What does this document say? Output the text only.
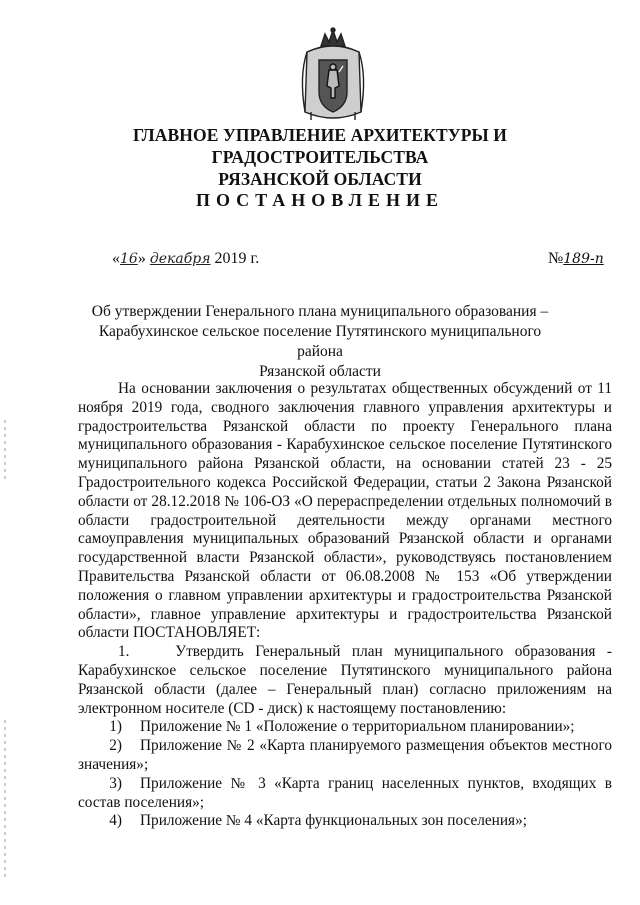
ГЛАВНОЕ УПРАВЛЕНИЕ АРХИТЕКТУРЫ И ГРАДОСТРОИТЕЛЬСТВА
РЯЗАНСКОЙ ОБЛАСТИ
ПОСТАНОВЛЕНИЕ
«16» декабря 2019 г.	№189-п
Об утверждении Генерального плана муниципального образования –
Карабухинское сельское поселение Путятинского муниципального района
Рязанской области

На основании заключения о результатах общественных обсуждений от 11 ноября 2019 года, сводного заключения главного управления архитектуры и градостроительства Рязанской области по проекту Генерального плана муниципального образования - Карабухинское сельское поселение Путятинского муниципального района Рязанской области, на основании статей 23 - 25 Градостроительного кодекса Российской Федерации, статьи 2 Закона Рязанской области от 28.12.2018 № 106-ОЗ «О перераспределении отдельных полномочий в области градостроительной деятельности между органами местного самоуправления муниципальных образований Рязанской области и органами государственной власти Рязанской области», руководствуясь постановлением Правительства Рязанской области от 06.08.2008 № 153 «Об утверждении положения о главном управлении архитектуры и градостроительства Рязанской области», главное управление архитектуры и градостроительства Рязанской области ПОСТАНОВЛЯЕТ:

1.	Утвердить Генеральный план муниципального образования - Карабухинское сельское поселение Путятинского муниципального района Рязанской области (далее – Генеральный план) согласно приложениям на электронном носителе (CD - диск) к настоящему постановлению:

1) Приложение № 1 «Положение о территориальном планировании»;

2) Приложение № 2 «Карта планируемого размещения объектов местного значения»;

3) Приложение № 3 «Карта границ населенных пунктов, входящих в состав поселения»;

4) Приложение № 4 «Карта функциональных зон поселения»;
